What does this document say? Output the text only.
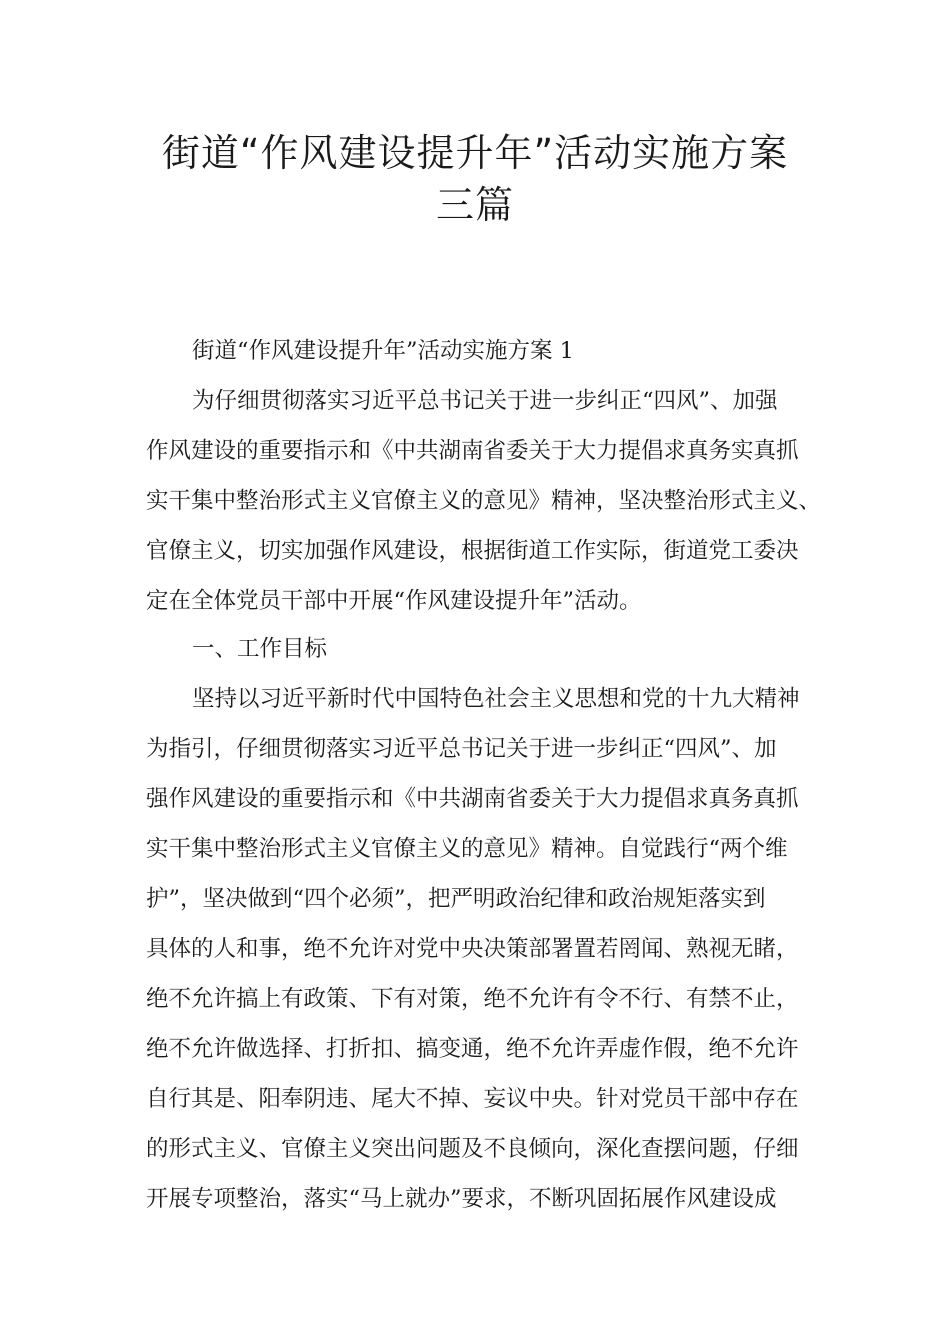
街道“作风建设提升年”活动实施方案
三篇

街道“作风建设提升年”活动实施方案 1

为仔细贯彻落实习近平总书记关于进一步纠正“四风”、加强

作风建设的重要指示和《中共湖南省委关于大力提倡求真务实真抓

实干集中整治形式主义官僚主义的意见》精神，坚决整治形式主义、

官僚主义，切实加强作风建设，根据街道工作实际，街道党工委决

定在全体党员干部中开展“作风建设提升年”活动。

一、工作目标

坚持以习近平新时代中国特色社会主义思想和党的十九大精神

为指引，仔细贯彻落实习近平总书记关于进一步纠正“四风”、加

强作风建设的重要指示和《中共湖南省委关于大力提倡求真务真抓

实干集中整治形式主义官僚主义的意见》精神。自觉践行“两个维

护”，坚决做到“四个必须”，把严明政治纪律和政治规矩落实到

具体的人和事，绝不允许对党中央决策部署置若罔闻、熟视无睹，

绝不允许搞上有政策、下有对策，绝不允许有令不行、有禁不止，

绝不允许做选择、打折扣、搞变通，绝不允许弄虚作假，绝不允许

自行其是、阳奉阴违、尾大不掉、妄议中央。针对党员干部中存在

的形式主义、官僚主义突出问题及不良倾向，深化查摆问题，仔细

开展专项整治，落实“马上就办”要求，不断巩固拓展作风建设成
